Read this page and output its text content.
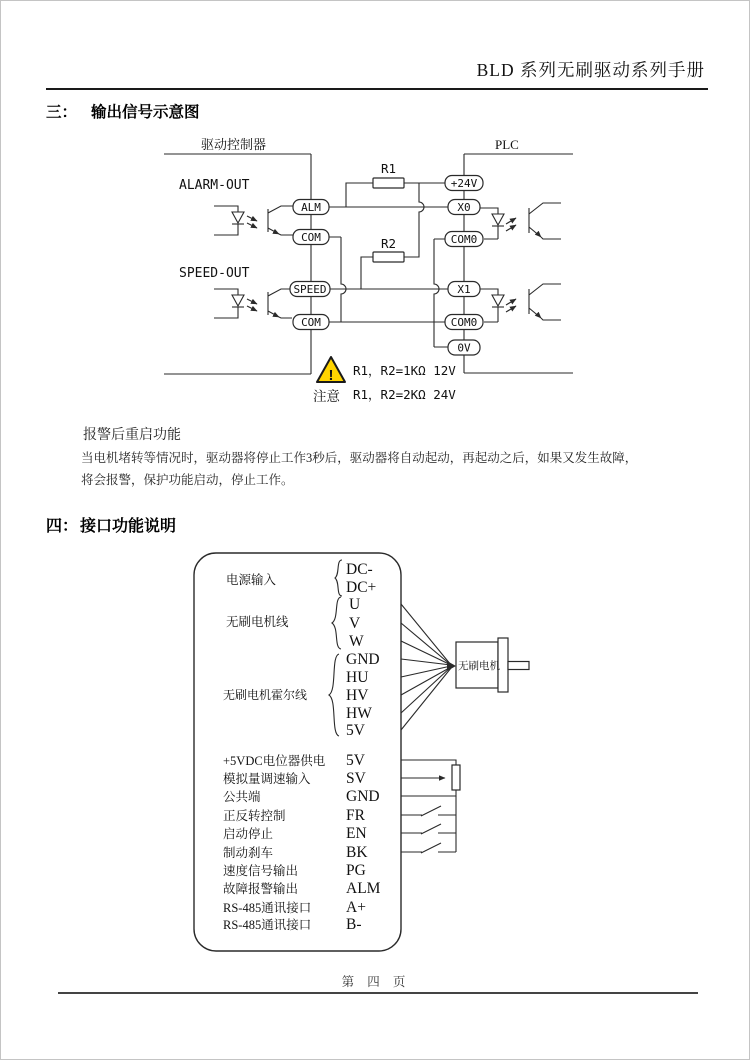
BLD 系列无刷驱动系列手册
三： 输出信号示意图
驱动控制器	PLC
ALARM-OUT
SPEED-OUT
R1
R2
ALM
COM
SPEED
COM
+24V
X0
COM0
X1
COM0
0V
!
注意
R1，R2=1KΩ 12V
R1，R2=2KΩ 24V
报警后重启功能
当电机堵转等情况时，驱动器将停止工作3秒后，驱动器将自动起动，再起动之后，如果又发生故障，
将会报警，保护功能启动，停止工作。
四： 接口功能说明
电源输入
DC-
DC+
无刷电机线
U
V
W
无刷电机霍尔线
GND
HU
HV
HW
5V
+5VDC电位器供电 5V
模拟量调速输入 SV
公共端	GND
正反转控制	FR
启动停止	EN
制动刹车	BK
速度信号输出	PG
故障报警输出	ALM
RS-485通讯接口 A+
RS-485通讯接口 B-
无刷电机
第 四 页
